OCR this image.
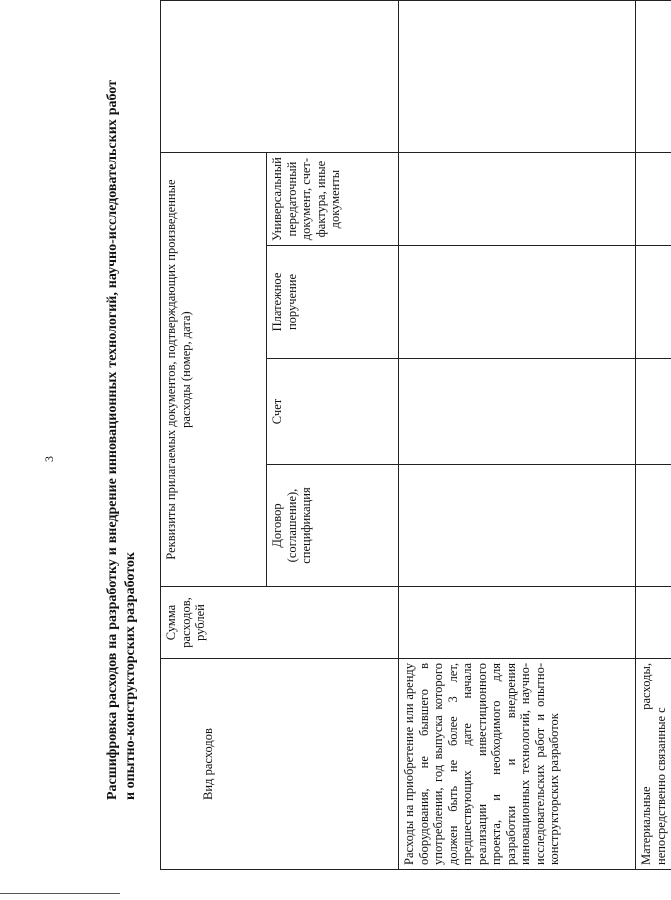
3	Расшифровка расходов на разработку и внедрение инновационных технологий, научно-исследовательских работ и опытно-конструкторских разработок	Вид расходов	Сумма расходов, рублей	Реквизиты прилагаемых документов, подтверждающих произведенные расходы (номер, дата)				
		Договор (соглашение), спецификация	Счет	Платежное поручение	Универсальный передаточный документ, счет-фактура, иные документы	
Расходы на приобретение или аренду оборудования, не бывшего в употреблении, год выпуска которого должен быть не более 3 лет, предшествующих дате начала реализации инвестиционного проекта, и необходимого для разработки и внедрения инновационных технологий, научно-исследовательских работ и опытно-конструкторских разработок						
Материальные расходы, непосредственно связанные с						
